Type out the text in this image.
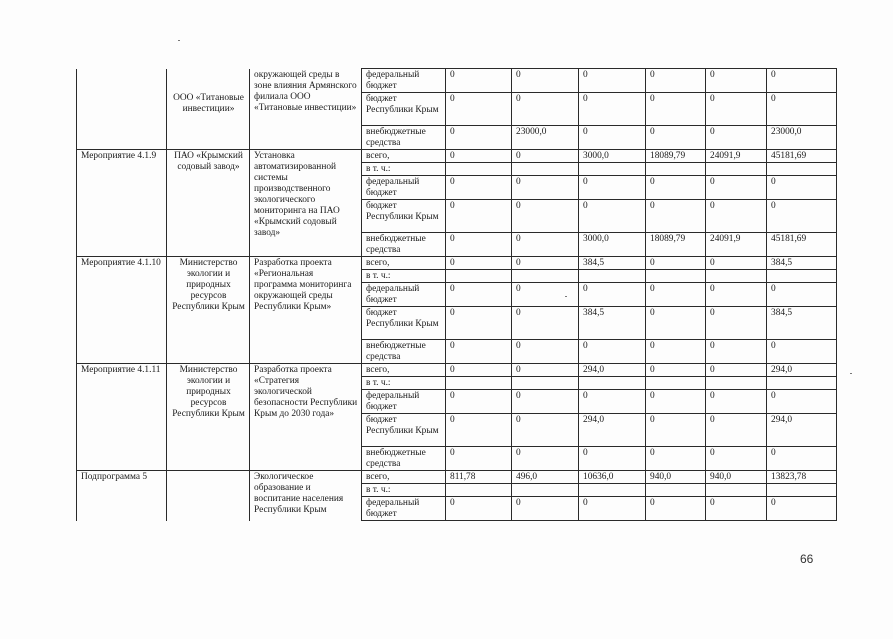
	ООО «Титановые инвестиции»	окружающей среды в зоне влияния Армянского филиала ООО «Титановые инвестиции»	федеральный бюджет	0	0	0	0	0	0
			бюджет Республики Крым	0	0	0	0	0	0
			внебюджетные средства	0	23000,0	0	0	0	23000,0
Мероприятие 4.1.9	ПАО «Крымский содовый завод»	Установка автоматизированной системы производственного экологического мониторинга на ПАО «Крымский содовый завод»	всего,	0	0	3000,0	18089,79	24091,9	45181,69
			в т. ч.:						
			федеральный бюджет	0	0	0	0	0	0
			бюджет Республики Крым	0	0	0	0	0	0
			внебюджетные средства	0	0	3000,0	18089,79	24091,9	45181,69
Мероприятие 4.1.10	Министерство экологии и природных ресурсов Республики Крым	Разработка проекта «Региональная программа мониторинга окружающей среды Республики Крым»	всего,	0	0	384,5	0	0	384,5
			в т. ч.:						
			федеральный бюджет	0	0	0	0	0	0
			бюджет Республики Крым	0	0	384,5	0	0	384,5
			внебюджетные средства	0	0	0	0	0	0
Мероприятие 4.1.11	Министерство экологии и природных ресурсов Республики Крым	Разработка проекта «Стратегия экологической безопасности Республики Крым до 2030 года»	всего,	0	0	294,0	0	0	294,0
			в т. ч.:						
			федеральный бюджет	0	0	0	0	0	0
			бюджет Республики Крым	0	0	294,0	0	0	294,0
			внебюджетные средства	0	0	0	0	0	0
Подпрограмма 5		Экологическое образование и воспитание населения Республики Крым	всего,	811,78	496,0	10636,0	940,0	940,0	13823,78
			в т. ч.:						
			федеральный бюджет	0	0	0	0	0	0
66
